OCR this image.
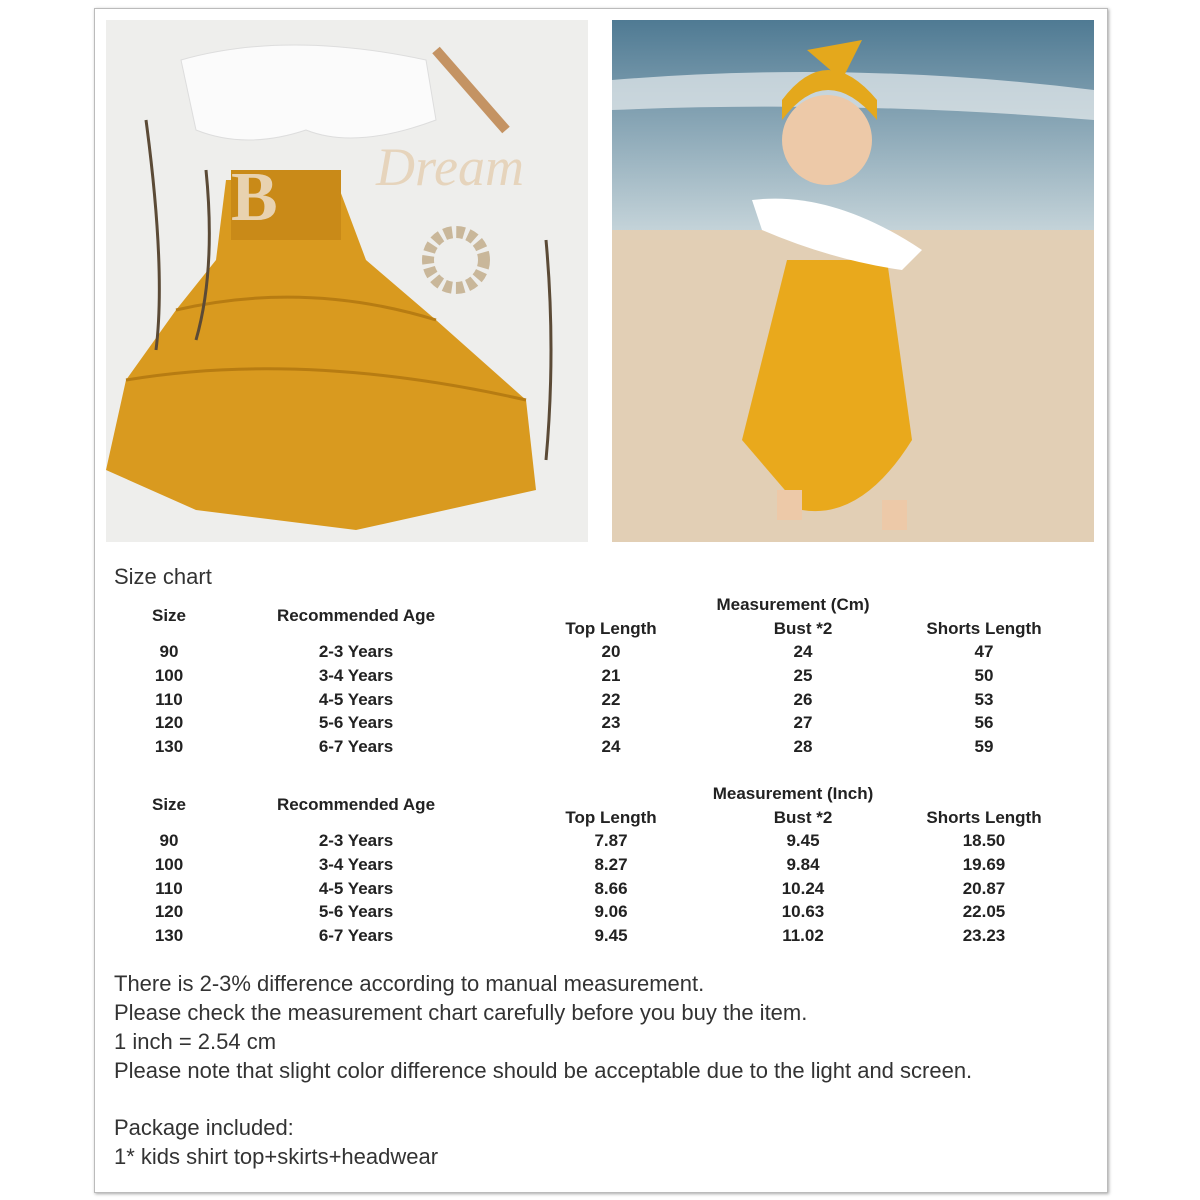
B Dream
Size chart
Measurement (Cm)
Size	Recommended Age
Top Length	Bust *2	Shorts Length
90	2-3 Years	20	24	47
100	3-4 Years	21	25	50
110	4-5 Years	22	26	53
120	5-6 Years	23	27	56
130	6-7 Years	24	28	59
Measurement (Inch)
Size	Recommended Age
Top Length	Bust *2	Shorts Length
90	2-3 Years	7.87	9.45	18.50
100	3-4 Years	8.27	9.84	19.69
110	4-5 Years	8.66	10.24	20.87
120	5-6 Years	9.06	10.63	22.05
130	6-7 Years	9.45	11.02	23.23
There is 2-3% difference according to manual measurement.
Please check the measurement chart carefully before you buy the item.
1 inch = 2.54 cm
Please note that slight color difference should be acceptable due to the light and screen.
Package included:
1* kids shirt top+skirts+headwear
